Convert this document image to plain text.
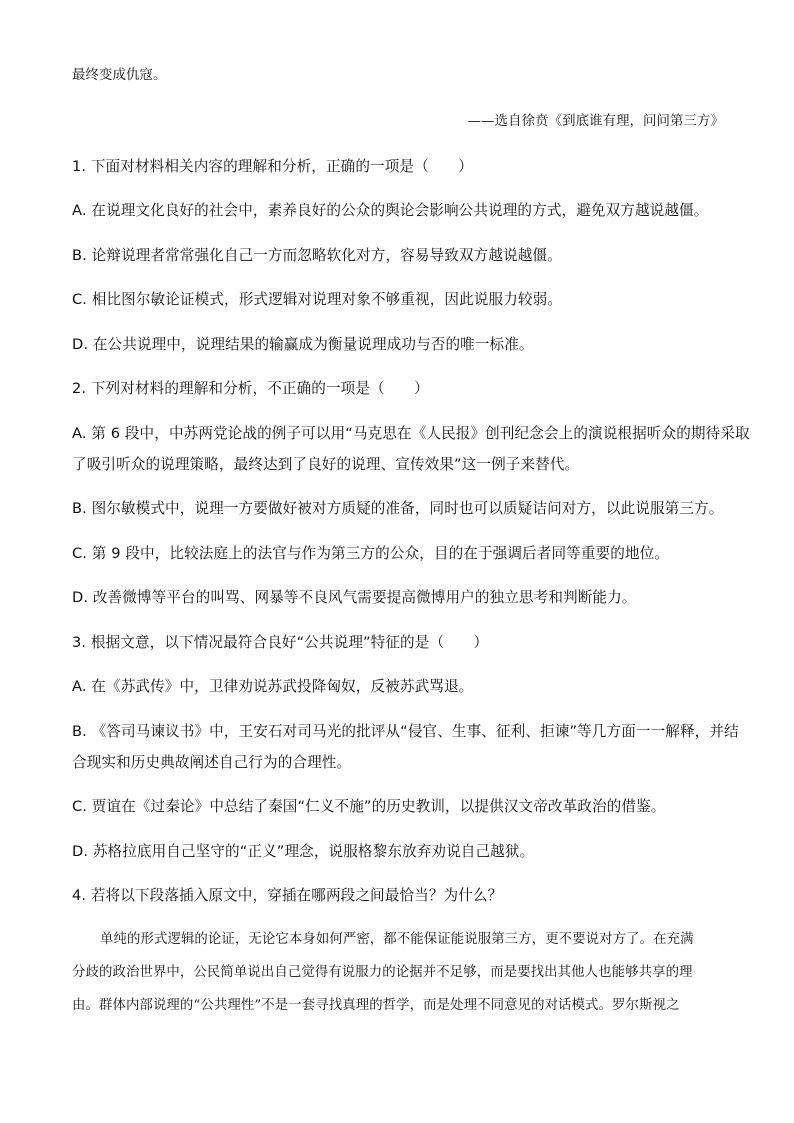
最终变成仇寇。
——选自徐贲《到底谁有理，问问第三方》
1. 下面对材料相关内容的理解和分析，正确的一项是（　　）
A. 在说理文化良好的社会中，素养良好的公众的舆论会影响公共说理的方式，避免双方越说越僵。
B. 论辩说理者常常强化自己一方而忽略软化对方，容易导致双方越说越僵。
C. 相比图尔敏论证模式，形式逻辑对说理对象不够重视，因此说服力较弱。
D. 在公共说理中，说理结果的输赢成为衡量说理成功与否的唯一标准。
2. 下列对材料的理解和分析，不正确的一项是（　　）
A. 第 6 段中，中苏两党论战的例子可以用“马克思在《人民报》创刊纪念会上的演说根据听众的期待采取
了吸引听众的说理策略，最终达到了良好的说理、宣传效果”这一例子来替代。
B. 图尔敏模式中，说理一方要做好被对方质疑的准备，同时也可以质疑诘问对方，以此说服第三方。
C. 第 9 段中，比较法庭上的法官与作为第三方的公众，目的在于强调后者同等重要的地位。
D. 改善微博等平台的叫骂、网暴等不良风气需要提高微博用户的独立思考和判断能力。
3. 根据文意，以下情况最符合良好“公共说理”特征的是（　　）
A. 在《苏武传》中，卫律劝说苏武投降匈奴，反被苏武骂退。
B. 《答司马谏议书》中，王安石对司马光的批评从“侵官、生事、征利、拒谏”等几方面一一解释，并结
合现实和历史典故阐述自己行为的合理性。
C. 贾谊在《过秦论》中总结了秦国“仁义不施”的历史教训，以提供汉文帝改革政治的借鉴。
D. 苏格拉底用自己坚守的“正义”理念，说服格黎东放弃劝说自己越狱。
4. 若将以下段落插入原文中，穿插在哪两段之间最恰当？为什么？
单纯的形式逻辑的论证，无论它本身如何严密，都不能保证能说服第三方，更不要说对方了。在充满
分歧的政治世界中，公民简单说出自己觉得有说服力的论据并不足够，而是要找出其他人也能够共享的理
由。群体内部说理的“公共理性”不是一套寻找真理的哲学，而是处理不同意见的对话模式。罗尔斯视之
